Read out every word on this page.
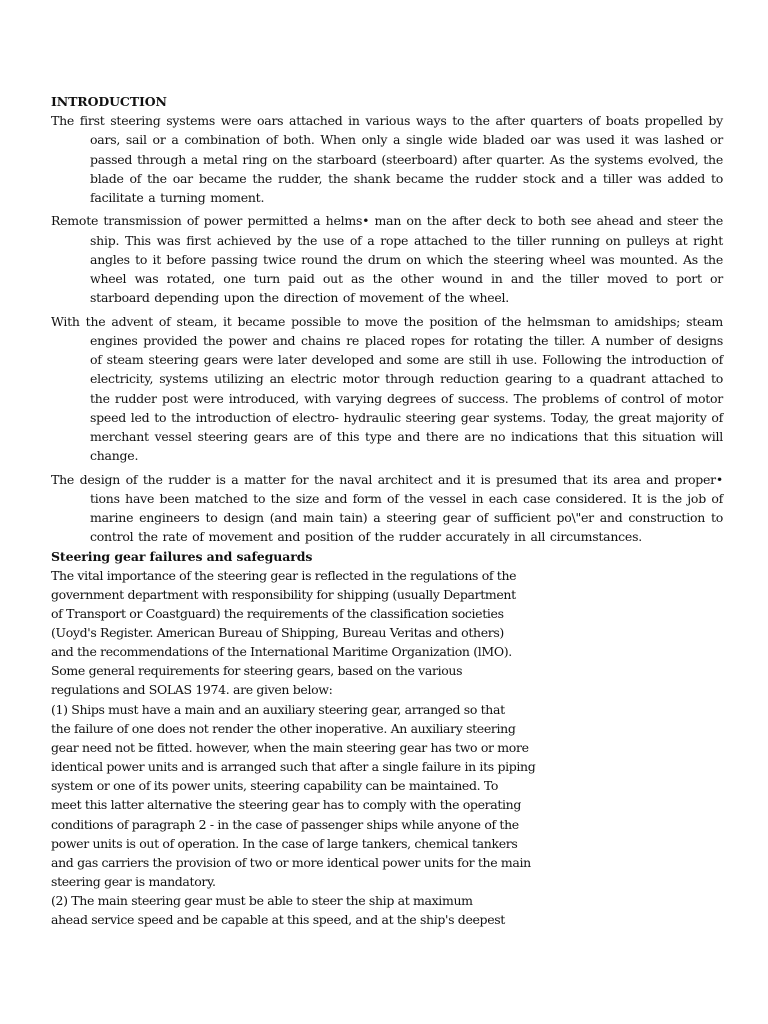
INTRODUCTION

The first steering systems were oars attached in various ways to the after quarters of boats propelled by oars, sail or a combination of both. When only a single wide bladed oar was used it was lashed or passed through a metal ring on the starboard (steerboard) after quarter. As the systems evolved, the blade of the oar became the rudder, the shank became the rudder stock and a tiller was added to facilitate a turning moment.

Remote transmission of power permitted a helms• man on the after deck to both see ahead and steer the ship. This was first achieved by the use of a rope attached to the tiller running on pulleys at right angles to it before passing twice round the drum on which the steering wheel was mounted. As the wheel was rotated, one turn paid out as the other wound in and the tiller moved to port or starboard depending upon the direction of movement of the wheel.

With the advent of steam, it became possible to move the position of the helmsman to amidships; steam engines provided the power and chains re placed ropes for rotating the tiller. A number of designs of steam steering gears were later developed and some are still ih use. Following the introduction of electricity, systems utilizing an electric motor through reduction gearing to a quadrant attached to the rudder post were introduced, with varying degrees of success. The problems of control of motor speed led to the introduction of electro- hydraulic steering gear systems. Today, the great majority of merchant vessel steering gears are of this type and there are no indications that this situation will change.

The design of the rudder is a matter for the naval architect and it is presumed that its area and proper• tions have been matched to the size and form of the vessel in each case considered. It is the job of marine engineers to design (and main tain) a steering gear of sufficient po\"er and construction to control the rate of movement and position of the rudder accurately in all circumstances.

Steering gear failures and safeguards
The vital importance of the steering gear is reflected in the regulations of the
government department with responsibility for shipping (usually Department
of Transport or Coastguard) the requirements of the classification societies
(Uoyd's Register. American Bureau of Shipping, Bureau Veritas and others)
and the recommendations of the International Maritime Organization (lMO).
Some general requirements for steering gears, based on the various
regulations and SOLAS 1974. are given below:
(1) Ships must have a main and an auxiliary steering gear, arranged so that
the failure of one does not render the other inoperative. An auxiliary steering
gear need not be fitted. however, when the main steering gear has two or more
identical power units and is arranged such that after a single failure in its piping
system or one of its power units, steering capability can be maintained. To
meet this latter alternative the steering gear has to comply with the operating
conditions of paragraph 2 - in the case of passenger ships while anyone of the
power units is out of operation. In the case of large tankers, chemical tankers
and gas carriers the provision of two or more identical power units for the main
steering gear is mandatory.
(2) The main steering gear must be able to steer the ship at maximum
ahead service speed and be capable at this speed, and at the ship's deepest
